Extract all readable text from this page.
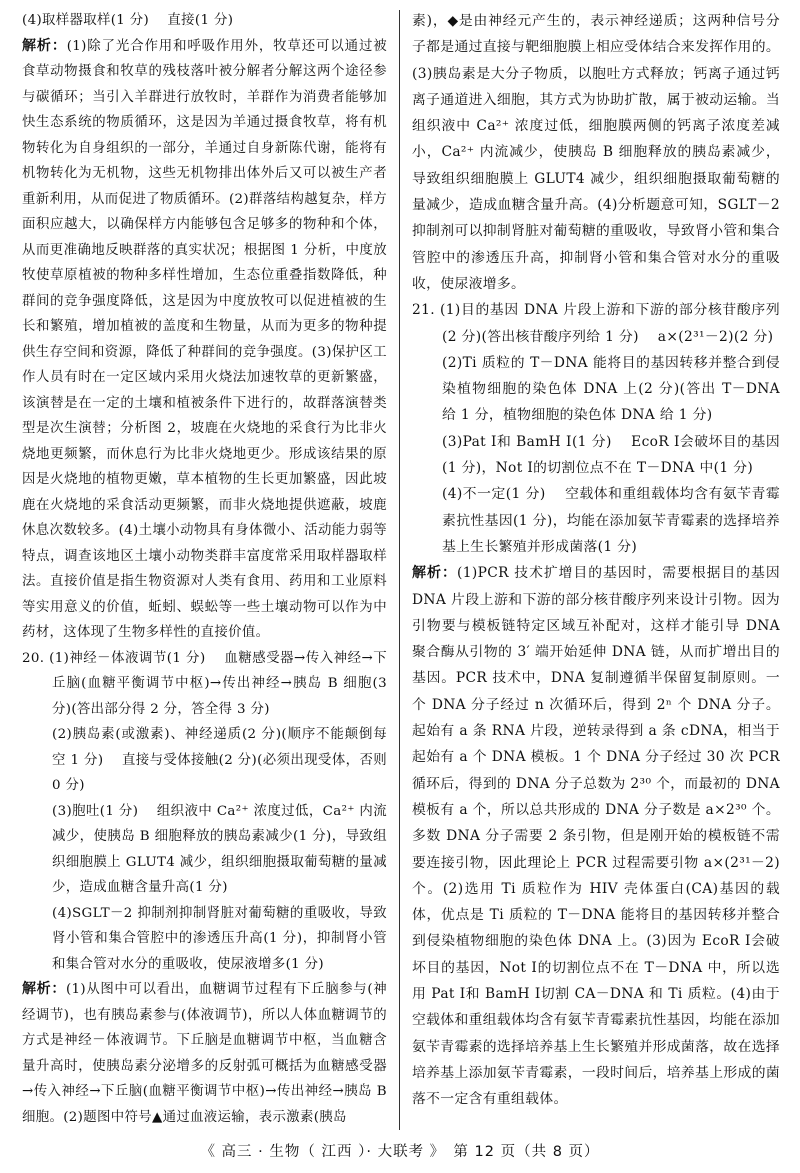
(4)取样器取样(1 分)　 直接(1 分)

解析：(1)除了光合作用和呼吸作用外，牧草还可以通过被食草动物摄食和牧草的残枝落叶被分解者分解这两个途径参与碳循环；当引入羊群进行放牧时，羊群作为消费者能够加快生态系统的物质循环，这是因为羊通过摄食牧草，将有机物转化为自身组织的一部分，羊通过自身新陈代谢，能将有机物转化为无机物，这些无机物排出体外后又可以被生产者重新利用，从而促进了物质循环。(2)群落结构越复杂，样方面积应越大，以确保样方内能够包含足够多的物种和个体，从而更准确地反映群落的真实状况；根据图 1 分析，中度放牧使草原植被的物种多样性增加，生态位重叠指数降低，种群间的竞争强度降低，这是因为中度放牧可以促进植被的生长和繁殖，增加植被的盖度和生物量，从而为更多的物种提供生存空间和资源，降低了种群间的竞争强度。(3)保护区工作人员有时在一定区域内采用火烧法加速牧草的更新繁盛，该演替是在一定的土壤和植被条件下进行的，故群落演替类型是次生演替；分析图 2，坡鹿在火烧地的采食行为比非火烧地更频繁，而休息行为比非火烧地更少。形成该结果的原因是火烧地的植物更嫩，草本植物的生长更加繁盛，因此坡鹿在火烧地的采食活动更频繁，而非火烧地提供遮蔽，坡鹿休息次数较多。(4)土壤小动物具有身体微小、活动能力弱等特点，调查该地区土壤小动物类群丰富度常采用取样器取样法。直接价值是指生物资源对人类有食用、药用和工业原料等实用意义的价值，蚯蚓、蜈蚣等一些土壤动物可以作为中药材，这体现了生物多样性的直接价值。

20. (1)神经－体液调节(1 分)　 血糖感受器→传入神经→下丘脑(血糖平衡调节中枢)→传出神经→胰岛 B 细胞(3 分)(答出部分得 2 分，答全得 3 分)

(2)胰岛素(或激素)、神经递质(2 分)(顺序不能颠倒每空 1 分)　 直接与受体接触(2 分)(必须出现受体，否则 0 分)

(3)胞吐(1 分)　 组织液中 Ca²⁺ 浓度过低，Ca²⁺ 内流减少，使胰岛 B 细胞释放的胰岛素减少(1 分)，导致组织细胞膜上 GLUT4 减少，组织细胞摄取葡萄糖的量减少，造成血糖含量升高(1 分)

(4)SGLT－2 抑制剂抑制肾脏对葡萄糖的重吸收，导致肾小管和集合管腔中的渗透压升高(1 分)，抑制肾小管和集合管对水分的重吸收，使尿液增多(1 分)

解析：(1)从图中可以看出，血糖调节过程有下丘脑参与(神经调节)，也有胰岛素参与(体液调节)，所以人体血糖调节的方式是神经－体液调节。下丘脑是血糖调节中枢，当血糖含量升高时，使胰岛素分泌增多的反射弧可概括为血糖感受器→传入神经→下丘脑(血糖平衡调节中枢)→传出神经→胰岛 B 细胞。(2)题图中符号▲通过血液运输，表示激素(胰岛

素)，◆是由神经元产生的，表示神经递质；这两种信号分子都是通过直接与靶细胞膜上相应受体结合来发挥作用的。(3)胰岛素是大分子物质，以胞吐方式释放；钙离子通过钙离子通道进入细胞，其方式为协助扩散，属于被动运输。当组织液中 Ca²⁺ 浓度过低，细胞膜两侧的钙离子浓度差减小，Ca²⁺ 内流减少，使胰岛 B 细胞释放的胰岛素减少，导致组织细胞膜上 GLUT4 减少，组织细胞摄取葡萄糖的量减少，造成血糖含量升高。(4)分析题意可知，SGLT－2 抑制剂可以抑制肾脏对葡萄糖的重吸收，导致肾小管和集合管腔中的渗透压升高，抑制肾小管和集合管对水分的重吸收，使尿液增多。

21. (1)目的基因 DNA 片段上游和下游的部分核苷酸序列(2 分)(答出核苷酸序列给 1 分)　 a×(2³¹－2)(2 分)

(2)Ti 质粒的 T－DNA 能将目的基因转移并整合到侵染植物细胞的染色体 DNA 上(2 分)(答出 T－DNA 给 1 分，植物细胞的染色体 DNA 给 1 分)

(3)Pat Ⅰ和 BamH Ⅰ(1 分)　 EcoR Ⅰ会破坏目的基因(1 分)，Not Ⅰ的切割位点不在 T－DNA 中(1 分)

(4)不一定(1 分)　 空载体和重组载体均含有氨苄青霉素抗性基因(1 分)，均能在添加氨苄青霉素的选择培养基上生长繁殖并形成菌落(1 分)

解析：(1)PCR 技术扩增目的基因时，需要根据目的基因 DNA 片段上游和下游的部分核苷酸序列来设计引物。因为引物要与模板链特定区域互补配对，这样才能引导 DNA 聚合酶从引物的 3′ 端开始延伸 DNA 链，从而扩增出目的基因。PCR 技术中，DNA 复制遵循半保留复制原则。一个 DNA 分子经过 n 次循环后，得到 2ⁿ 个 DNA 分子。起始有 a 条 RNA 片段，逆转录得到 a 条 cDNA，相当于起始有 a 个 DNA 模板。1 个 DNA 分子经过 30 次 PCR 循环后，得到的 DNA 分子总数为 2³⁰ 个，而最初的 DNA 模板有 a 个，所以总共形成的 DNA 分子数是 a×2³⁰ 个。多数 DNA 分子需要 2 条引物，但是刚开始的模板链不需要连接引物，因此理论上 PCR 过程需要引物 a×(2³¹－2) 个。(2)选用 Ti 质粒作为 HIV 壳体蛋白(CA)基因的载体，优点是 Ti 质粒的 T－DNA 能将目的基因转移并整合到侵染植物细胞的染色体 DNA 上。(3)因为 EcoR Ⅰ会破坏目的基因，Not Ⅰ的切割位点不在 T－DNA 中，所以选用 Pat Ⅰ和 BamH Ⅰ切割 CA－DNA 和 Ti 质粒。(4)由于空载体和重组载体均含有氨苄青霉素抗性基因，均能在添加氨苄青霉素的选择培养基上生长繁殖并形成菌落，故在选择培养基上添加氨苄青霉素，一段时间后，培养基上形成的菌落不一定含有重组载体。

《 高三 · 生物（ 江西 ）· 大联考 》　第 12 页（共 8 页）
